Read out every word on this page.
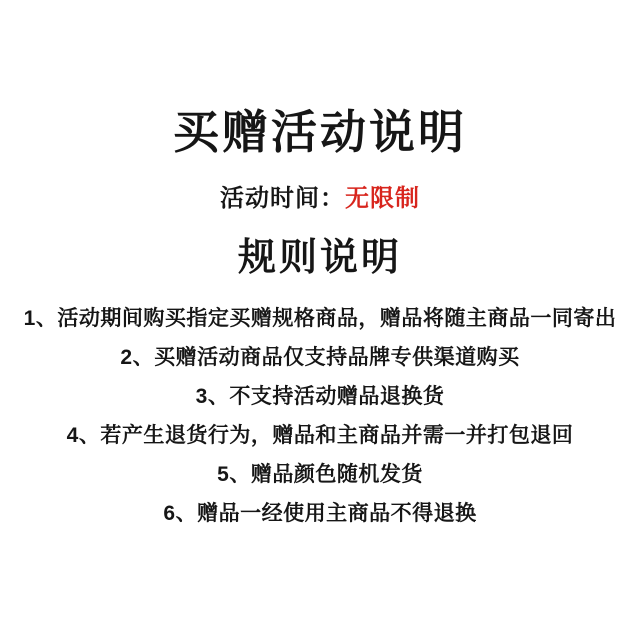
买赠活动说明
活动时间：无限制
规则说明
1、活动期间购买指定买赠规格商品，赠品将随主商品一同寄出
2、买赠活动商品仅支持品牌专供渠道购买
3、不支持活动赠品退换货
4、若产生退货行为，赠品和主商品并需一并打包退回
5、赠品颜色随机发货
6、赠品一经使用主商品不得退换
